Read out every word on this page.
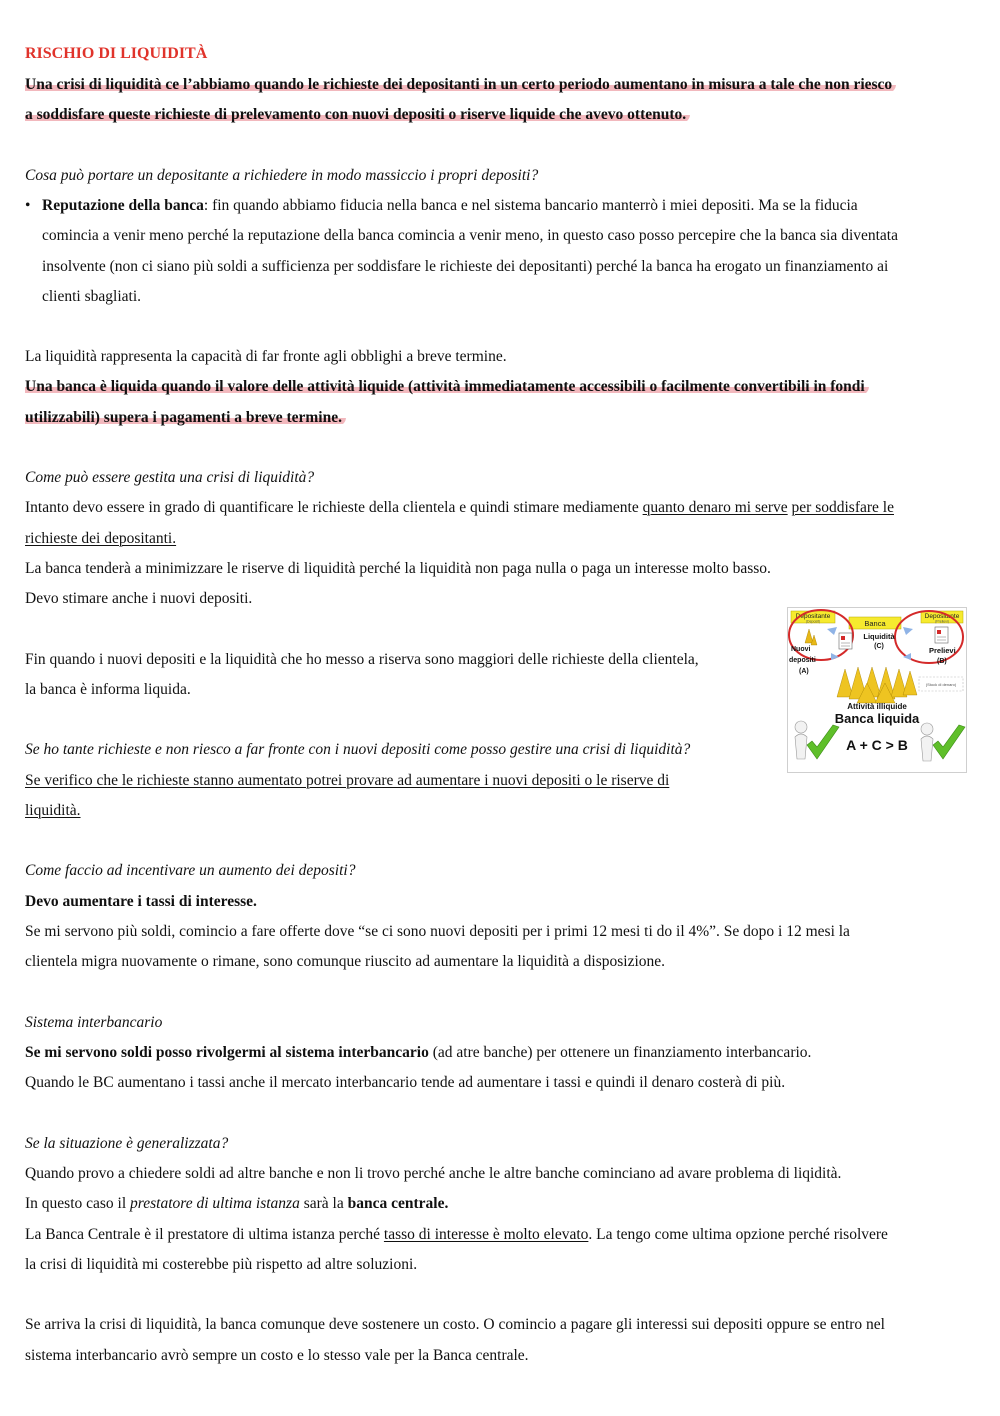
RISCHIO DI LIQUIDITÀ
Una crisi di liquidità ce l’abbiamo quando le richieste dei depositanti in un certo periodo aumentano in misura a tale che non riesco
a soddisfare queste richieste di prelevamento con nuovi depositi o riserve liquide che avevo ottenuto.
Cosa può portare un depositante a richiedere in modo massiccio i propri depositi?
• Reputazione della banca: fin quando abbiamo fiducia nella banca e nel sistema bancario manterrò i miei depositi. Ma se la fiducia
comincia a venir meno perché la reputazione della banca comincia a venir meno, in questo caso posso percepire che la banca sia diventata
insolvente (non ci siano più soldi a sufficienza per soddisfare le richieste dei depositanti) perché la banca ha erogato un finanziamento ai
clienti sbagliati.
La liquidità rappresenta la capacità di far fronte agli obblighi a breve termine.
Una banca è liquida quando il valore delle attività liquide (attività immediatamente accessibili o facilmente convertibili in fondi
utilizzabili) supera i pagamenti a breve termine.
Come può essere gestita una crisi di liquidità?
Intanto devo essere in grado di quantificare le richieste della clientela e quindi stimare mediamente quanto denaro mi serve per soddisfare le
richieste dei depositanti.
La banca tenderà a minimizzare le riserve di liquidità perché la liquidità non paga nulla o paga un interesse molto basso.
Devo stimare anche i nuovi depositi.
Fin quando i nuovi depositi e la liquidità che ho messo a riserva sono maggiori delle richieste della clientela,
la banca è informa liquida.
Se ho tante richieste e non riesco a far fronte con i nuovi depositi come posso gestire una crisi di liquidità?
Se verifico che le richieste stanno aumentato potrei provare ad aumentare i nuovi depositi o le riserve di
liquidità.
Come faccio ad incentivare un aumento dei depositi?
Devo aumentare i tassi di interesse.
Se mi servono più soldi, comincio a fare offerte dove “se ci sono nuovi depositi per i primi 12 mesi ti do il 4%”. Se dopo i 12 mesi la
clientela migra nuovamente o rimane, sono comunque riuscito ad aumentare la liquidità a disposizione.
Sistema interbancario
Se mi servono soldi posso rivolgermi al sistema interbancario (ad atre banche) per ottenere un finanziamento interbancario.
Quando le BC aumentano i tassi anche il mercato interbancario tende ad aumentare i tassi e quindi il denaro costerà di più.
Se la situazione è generalizzata?
Quando provo a chiedere soldi ad altre banche e non li trovo perché anche le altre banche cominciano ad avare problema di liqidità.
In questo caso il prestatore di ultima istanza sarà la banca centrale.
La Banca Centrale è il prestatore di ultima istanza perché tasso di interesse è molto elevato. La tengo come ultima opzione perché risolvere
la crisi di liquidità mi costerebbe più rispetto ad altre soluzioni.
Se arriva la crisi di liquidità, la banca comunque deve sostenere un costo. O comincio a pagare gli interessi sui depositi oppure se entro nel
sistema interbancario avrò sempre un costo e lo stesso vale per la Banca centrale.
Depositante
(Deposit)	Banca
Depositante
(Prelievi)
Nuovi
depositi
(A)
Liquidità
(C)	Prelievi
(B)
(Stock di denaro)
Attività illiquide
Banca liquida
A + C > B
